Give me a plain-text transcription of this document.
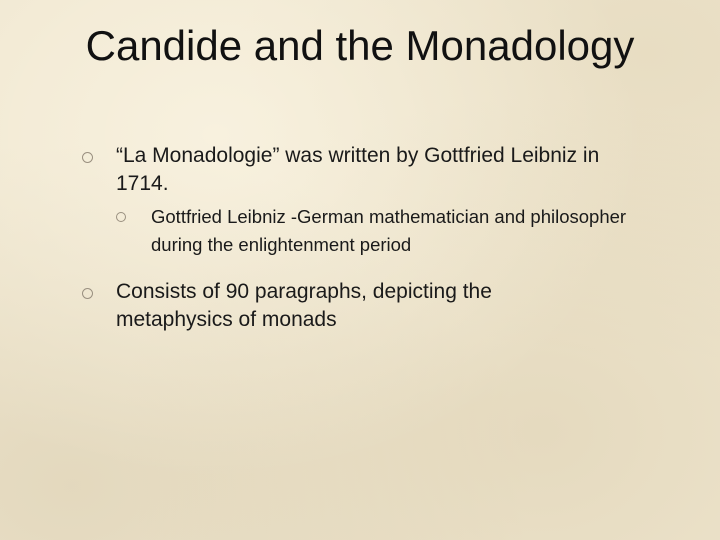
Candide and the Monadology
“La Monadologie” was written by Gottfried Leibniz in 1714.
Gottfried Leibniz -German mathematician and philosopher during the enlightenment period
Consists of 90 paragraphs, depicting the metaphysics of monads
